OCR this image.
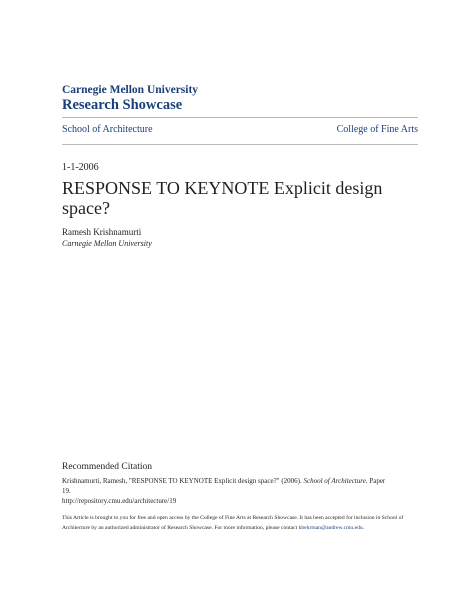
Carnegie Mellon University
Research Showcase
School of Architecture	College of Fine Arts
1-1-2006
RESPONSE TO KEYNOTE Explicit design space?
Ramesh Krishnamurti
Carnegie Mellon University
Recommended Citation
Krishnamurti, Ramesh, "RESPONSE TO KEYNOTE Explicit design space?" (2006). School of Architecture. Paper 19.
http://repository.cmu.edu/architecture/19
This Article is brought to you for free and open access by the College of Fine Arts at Research Showcase. It has been accepted for inclusion in School of Architecture by an authorized administrator of Research Showcase. For more information, please contact kbehrman@andrew.cmu.edu.
